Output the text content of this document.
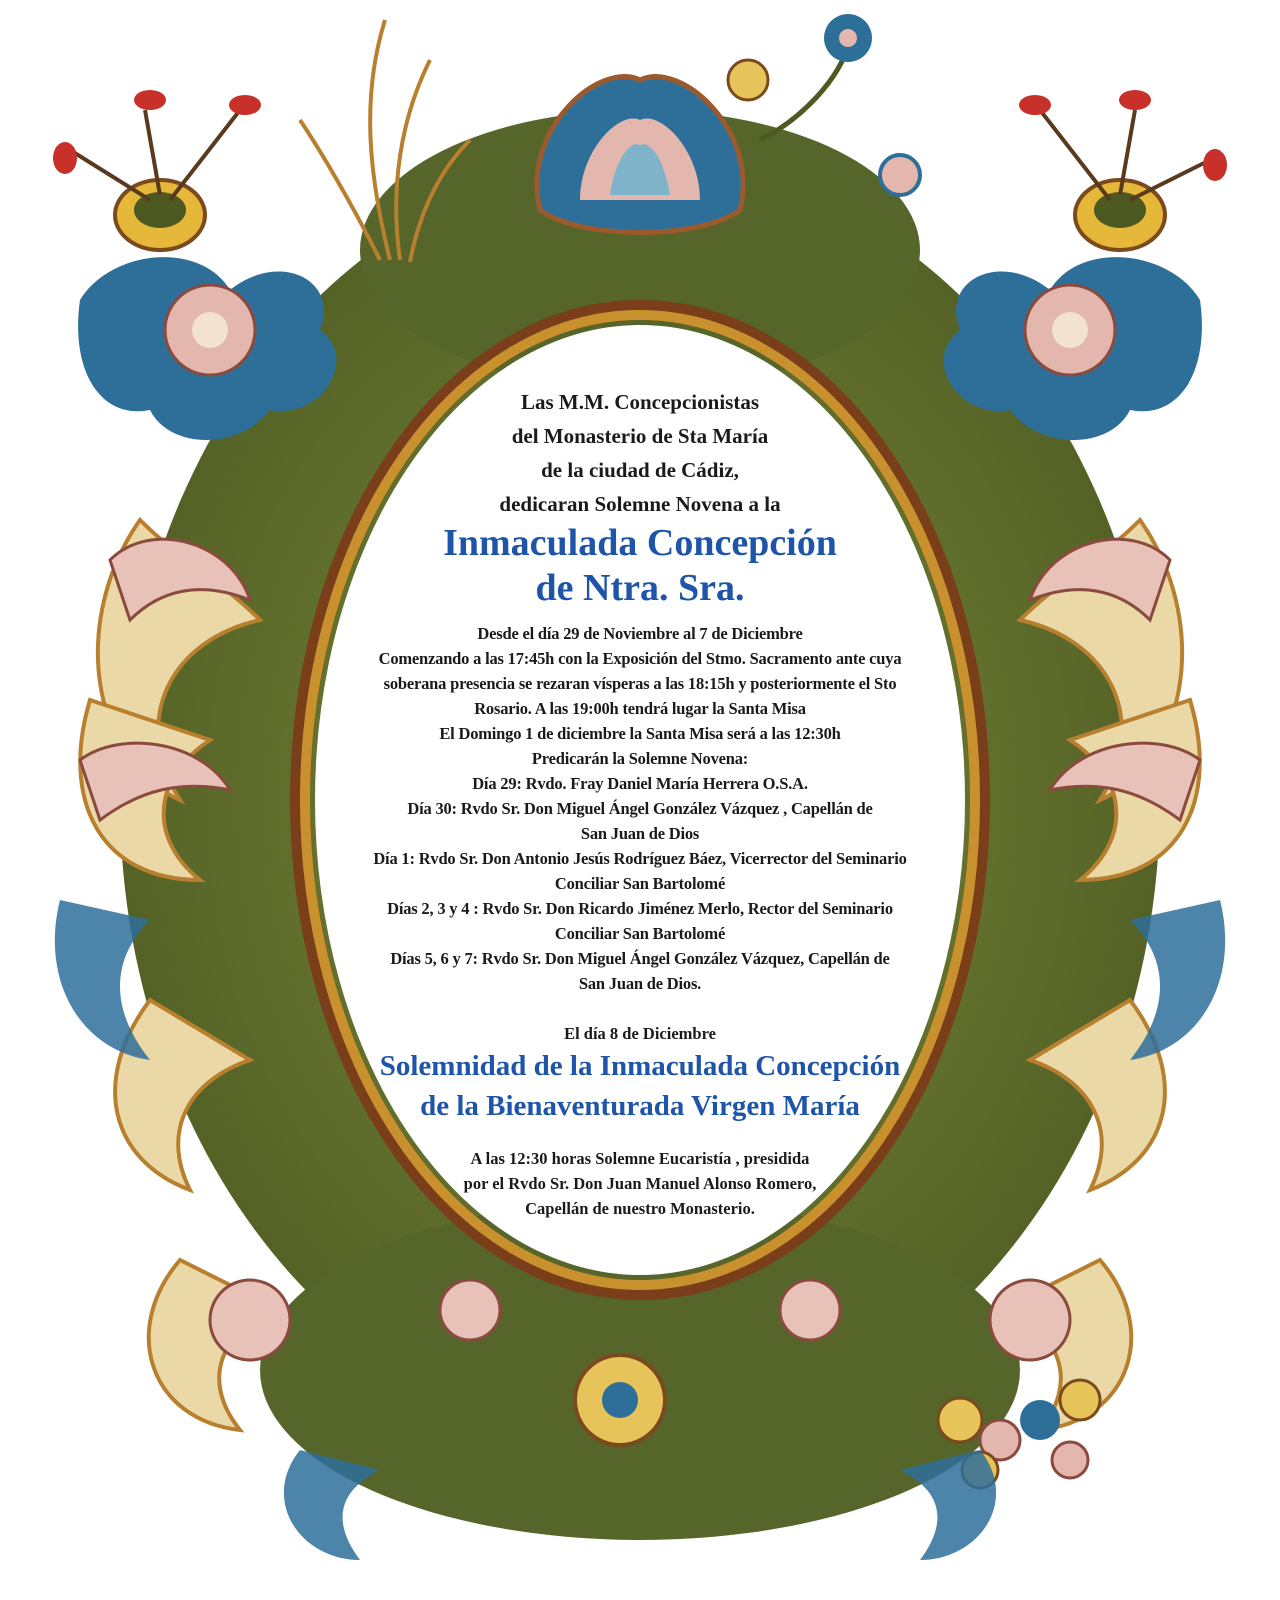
Las M.M. Concepcionistas

del Monasterio de Sta María

de la ciudad de Cádiz,

dedicaran Solemne Novena a la

Inmaculada Concepción
de Ntra. Sra.

Desde el día 29 de Noviembre al 7 de Diciembre

Comenzando a las 17:45h con la Exposición del Stmo. Sacramento ante cuya

soberana presencia se rezaran vísperas a las 18:15h y posteriormente el Sto

Rosario. A las 19:00h tendrá lugar la Santa Misa

El Domingo 1 de diciembre la Santa Misa será a las 12:30h

Predicarán la Solemne Novena:

Día 29: Rvdo. Fray Daniel María Herrera O.S.A.

Día 30: Rvdo Sr. Don Miguel Ángel González Vázquez , Capellán de

San Juan de Dios

Día 1: Rvdo Sr. Don Antonio Jesús Rodríguez Báez, Vicerrector del Seminario

Conciliar San Bartolomé

Días 2, 3 y 4 : Rvdo Sr. Don Ricardo Jiménez Merlo, Rector del Seminario

Conciliar San Bartolomé

Días 5, 6 y 7: Rvdo Sr. Don Miguel Ángel González Vázquez, Capellán de

San Juan de Dios.

El día 8 de Diciembre
Solemnidad de la Inmaculada Concepción
de la Bienaventurada Virgen María

A las 12:30 horas Solemne Eucaristía , presidida

por el Rvdo Sr. Don Juan Manuel Alonso Romero,

Capellán de nuestro Monasterio.
